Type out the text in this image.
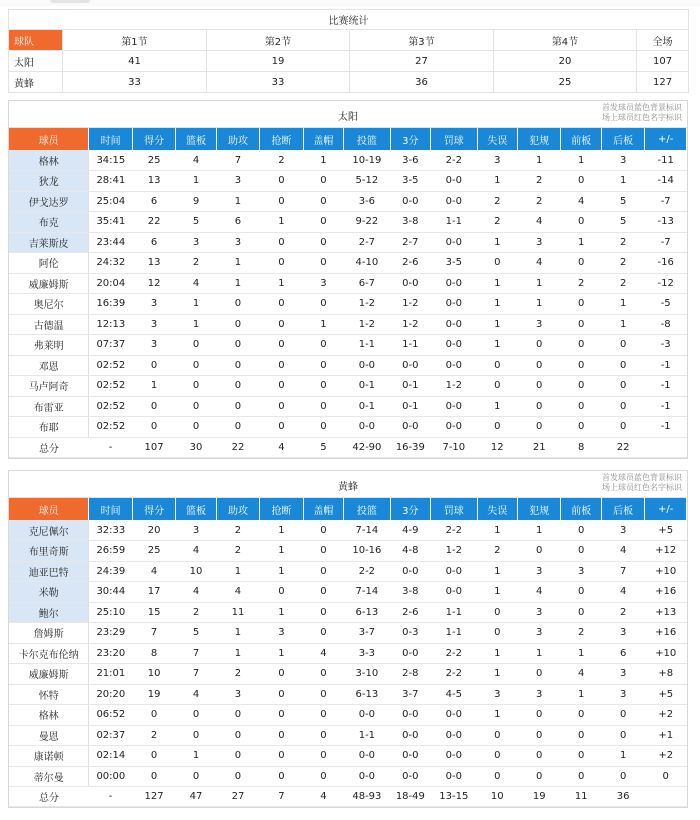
比赛统计					
球队	第1节	第2节	第3节	第4节	全场
太阳	41	19	27	20	107
黄蜂	33	33	36	25	127
太阳
首发球员蓝色背景标识
场上球员红色名字标识
球员	时间	得分	篮板	助攻	抢断	盖帽	投篮	3分	罚球	失误	犯规	前板	后板	+/-
格林	34:15	25	4	7	2	1	10-19	3-6	2-2	3	1	1	3	-11
狄龙	28:41	13	1	3	0	0	5-12	3-5	0-0	1	2	0	1	-14
伊戈达罗	25:04	6	9	1	0	0	3-6	0-0	0-0	2	2	4	5	-7
布克	35:41	22	5	6	1	0	9-22	3-8	1-1	2	4	0	5	-13
吉莱斯皮	23:44	6	3	3	0	0	2-7	2-7	0-0	1	3	1	2	-7
阿伦	24:32	13	2	1	0	0	4-10	2-6	3-5	0	4	0	2	-16
威廉姆斯	20:04	12	4	1	1	3	6-7	0-0	0-0	1	1	2	2	-12
奥尼尔	16:39	3	1	0	0	0	1-2	1-2	0-0	1	1	0	1	-5
古德温	12:13	3	1	0	0	1	1-2	1-2	0-0	1	3	0	1	-8
弗莱明	07:37	3	0	0	0	0	1-1	1-1	0-0	1	0	0	0	-3
邓恩	02:52	0	0	0	0	0	0-0	0-0	0-0	0	0	0	0	-1
马卢阿奇	02:52	1	0	0	0	0	0-1	0-1	1-2	0	0	0	0	-1
布雷亚	02:52	0	0	0	0	0	0-1	0-1	0-0	1	0	0	0	-1
布耶	02:52	0	0	0	0	0	0-0	0-0	0-0	0	0	0	0	-1
总分	-	107	30	22	4	5	42-90	16-39	7-10	12	21	8	22	
黄蜂
首发球员蓝色背景标识
场上球员红色名字标识
球员	时间	得分	篮板	助攻	抢断	盖帽	投篮	3分	罚球	失误	犯规	前板	后板	+/-
克尼佩尔	32:33	20	3	2	1	0	7-14	4-9	2-2	1	1	0	3	+5
布里奇斯	26:59	25	4	2	1	0	10-16	4-8	1-2	2	0	0	4	+12
迪亚巴特	24:39	4	10	1	1	0	2-2	0-0	0-0	1	3	3	7	+10
米勒	30:44	17	4	4	0	0	7-14	3-8	0-0	1	4	0	4	+16
鲍尔	25:10	15	2	11	1	0	6-13	2-6	1-1	0	3	0	2	+13
詹姆斯	23:29	7	5	1	3	0	3-7	0-3	1-1	0	3	2	3	+16
卡尔克布伦纳	23:20	8	7	1	1	4	3-3	0-0	2-2	1	1	1	6	+10
威廉姆斯	21:01	10	7	2	0	0	3-10	2-8	2-2	1	0	4	3	+8
怀特	20:20	19	4	3	0	0	6-13	3-7	4-5	3	3	1	3	+5
格林	06:52	0	0	0	0	0	0-0	0-0	0-0	1	0	0	0	+2
曼恩	02:37	2	0	0	0	0	1-1	0-0	0-0	0	0	0	0	+1
康诺顿	02:14	0	1	0	0	0	0-0	0-0	0-0	0	0	0	1	+2
蒂尔曼	00:00	0	0	0	0	0	0-0	0-0	0-0	0	0	0	0	0
总分	-	127	47	27	7	4	48-93	18-49	13-15	10	19	11	36	
